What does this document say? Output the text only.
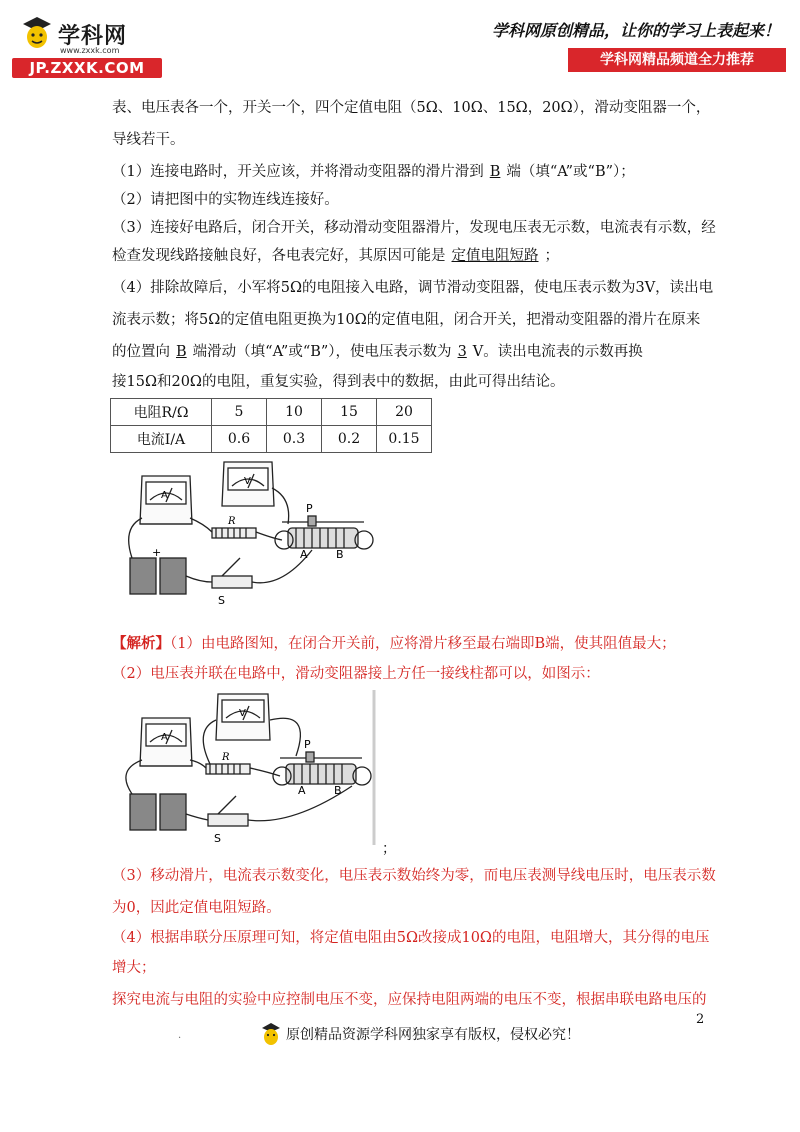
学科网
www.zxxk.com
JP.ZXXK.COM
学科网原创精品，让你的学习上表起来！
学科网精品频道全力推荐
表、电压表各一个，开关一个，四个定值电阻（5Ω、10Ω、15Ω，20Ω），滑动变阻器一个，
导线若干。
（1）连接电路时，开关应该，并将滑动变阻器的滑片滑到 B 端（填“A”或“B”）；
（2）请把图中的实物连线连接好。
（3）连接好电路后，闭合开关，移动滑动变阻器滑片，发现电压表无示数，电流表有示数，经
检查发现线路接触良好，各电表完好，其原因可能是 定值电阻短路 ；
（4）排除故障后，小军将5Ω的电阻接入电路，调节滑动变阻器，使电压表示数为3V，读出电
流表示数；将5Ω的定值电阻更换为10Ω的定值电阻，闭合开关，把滑动变阻器的滑片在原来
的位置向 B 端滑动（填“A”或“B”），使电压表示数为 3 V。读出电流表的示数再换
接15Ω和20Ω的电阻，重复实验，得到表中的数据，由此可得出结论。
电阻R/Ω	5	10	15	20
电流I/A	0.6	0.3	0.2	0.15
A
V
R
P
A	B
+
S
【解析】（1）由电路图知，在闭合开关前，应将滑片移至最右端即B端，使其阻值最大；
（2）电压表并联在电路中，滑动变阻器接上方任一接线柱都可以，如图示：
A
V
R
P
A	B
S
；
（3）移动滑片，电流表示数变化，电压表示数始终为零，而电压表测导线电压时，电压表示数
为0，因此定值电阻短路。
（4）根据串联分压原理可知，将定值电阻由5Ω改接成10Ω的电阻，电阻增大，其分得的电压
增大；
探究电流与电阻的实验中应控制电压不变，应保持电阻两端的电压不变，根据串联电路电压的
2
.	原创精品资源学科网独家享有版权，侵权必究！
